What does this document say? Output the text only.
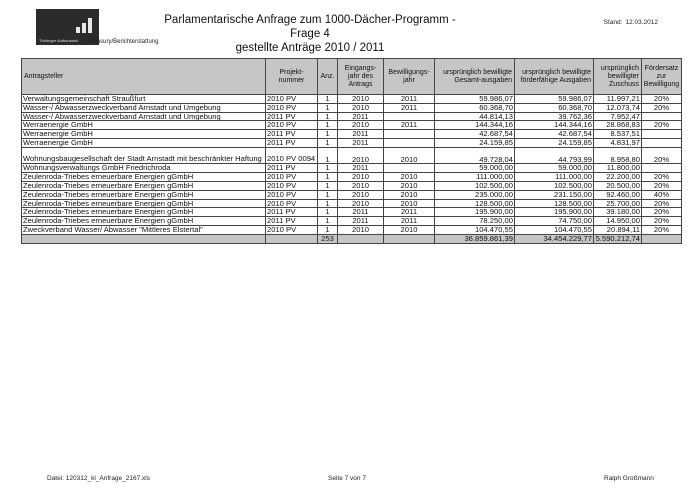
Thüringer Aufbaubank Treasury/Berichterstattung
Parlamentarische Anfrage zum 1000-Dächer-Programm - Frage 4
gestellte Anträge 2010 / 2011
Stand: 12.03.2012
Antragsteller	Projekt-nummer	Anz.	Eingangs-jahr des Antrags	Bewilligungs-jahr	ursprünglich bewilligte Gesamt-ausgaben	ursprünglich bewilligte förderfähige Ausgaben	ursprünglich bewilligter Zuschuss	Fördersatz zur Bewilligung
Verwaltungsgemeinschaft Straußfurt	2010 PV	1	2010	2011	59.986,07	59.986,07	11.997,21	20%
Wasser-/ Abwasserzweckverband Arnstadt und Umgebung	2010 PV	1	2010	2011	60.368,70	60.368,70	12.073,74	20%
Wasser-/ Abwasserzweckverband Arnstadt und Umgebung	2011 PV	1	2011		44.814,13	39.762,36	7.952,47	
Werraenergie GmbH	2010 PV	1	2010	2011	144.344,16	144.344,16	28.868,83	20%
Werraenergie GmbH	2011 PV	1	2011		42.687,54	42.687,54	8.537,51	
Werraenergie GmbH	2011 PV	1	2011		24.159,85	24.159,85	4.831,97	
Wohnungsbaugesellschaft der Stadt Arnstadt mit beschränkter Haftung	2010 PV 0094	1	2010	2010	49.728,04	44.793,99	8.958,80	20%
Wohnungsverwaltungs GmbH Friedrichroda	2011 PV	1	2011		59.000,00	59.000,00	11.800,00	
Zeulenroda-Triebes erneuerbare Energien gGmbH	2010 PV	1	2010	2010	111.000,00	111.000,00	22.200,00	20%
Zeulenroda-Triebes erneuerbare Energien gGmbH	2010 PV	1	2010	2010	102.500,00	102.500,00	20.500,00	20%
Zeulenroda-Triebes erneuerbare Energien gGmbH	2010 PV	1	2010	2010	235.000,00	231.150,00	92.460,00	40%
Zeulenroda-Triebes erneuerbare Energien gGmbH	2010 PV	1	2010	2010	128.500,00	128.500,00	25.700,00	20%
Zeulenroda-Triebes erneuerbare Energien gGmbH	2011 PV	1	2011	2011	195.900,00	195.900,00	39.180,00	20%
Zeulenroda-Triebes erneuerbare Energien gGmbH	2011 PV	1	2011	2011	78.250,00	74.750,00	14.950,00	20%
Zweckverband Wasser/ Abwasser "Mittleres Elstertal"	2010 PV	1	2010	2010	104.470,55	104.470,55	20.894,11	20%
		253			36.859.861,39	34.454.229,77	5.590.212,74	
Datei: 120312_kl_Anfrage_2167.xls	Seite 7 von 7	Ralph Großmann
